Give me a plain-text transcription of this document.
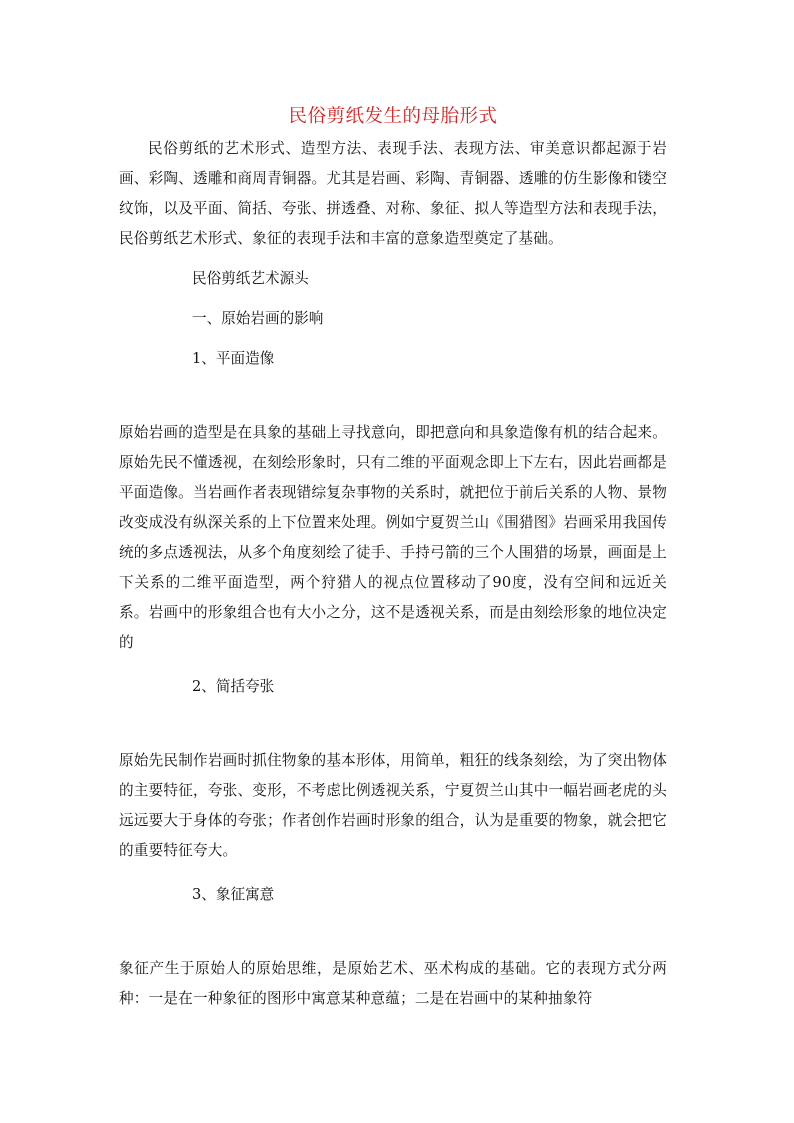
民俗剪纸发生的母胎形式

民俗剪纸的艺术形式、造型方法、表现手法、表现方法、审美意识都起源于岩画、彩陶、透雕和商周青铜器。尤其是岩画、彩陶、青铜器、透雕的仿生影像和镂空纹饰，以及平面、简括、夸张、拼透叠、对称、象征、拟人等造型方法和表现手法，民俗剪纸艺术形式、象征的表现手法和丰富的意象造型奠定了基础。

民俗剪纸艺术源头

一、原始岩画的影响

1、平面造像

原始岩画的造型是在具象的基础上寻找意向，即把意向和具象造像有机的结合起来。原始先民不懂透视，在刻绘形象时，只有二维的平面观念即上下左右，因此岩画都是平面造像。当岩画作者表现错综复杂事物的关系时，就把位于前后关系的人物、景物改变成没有纵深关系的上下位置来处理。例如宁夏贺兰山《围猎图》岩画采用我国传统的多点透视法，从多个角度刻绘了徒手、手持弓箭的三个人围猎的场景，画面是上下关系的二维平面造型，两个狩猎人的视点位置移动了90度，没有空间和远近关系。岩画中的形象组合也有大小之分，这不是透视关系，而是由刻绘形象的地位决定的

2、简括夸张

原始先民制作岩画时抓住物象的基本形体，用简单，粗狂的线条刻绘，为了突出物体的主要特征，夸张、变形，不考虑比例透视关系，宁夏贺兰山其中一幅岩画老虎的头远远要大于身体的夸张；作者创作岩画时形象的组合，认为是重要的物象，就会把它的重要特征夸大。

3、象征寓意

象征产生于原始人的原始思维，是原始艺术、巫术构成的基础。它的表现方式分两种：一是在一种象征的图形中寓意某种意蕴；二是在岩画中的某种抽象符
